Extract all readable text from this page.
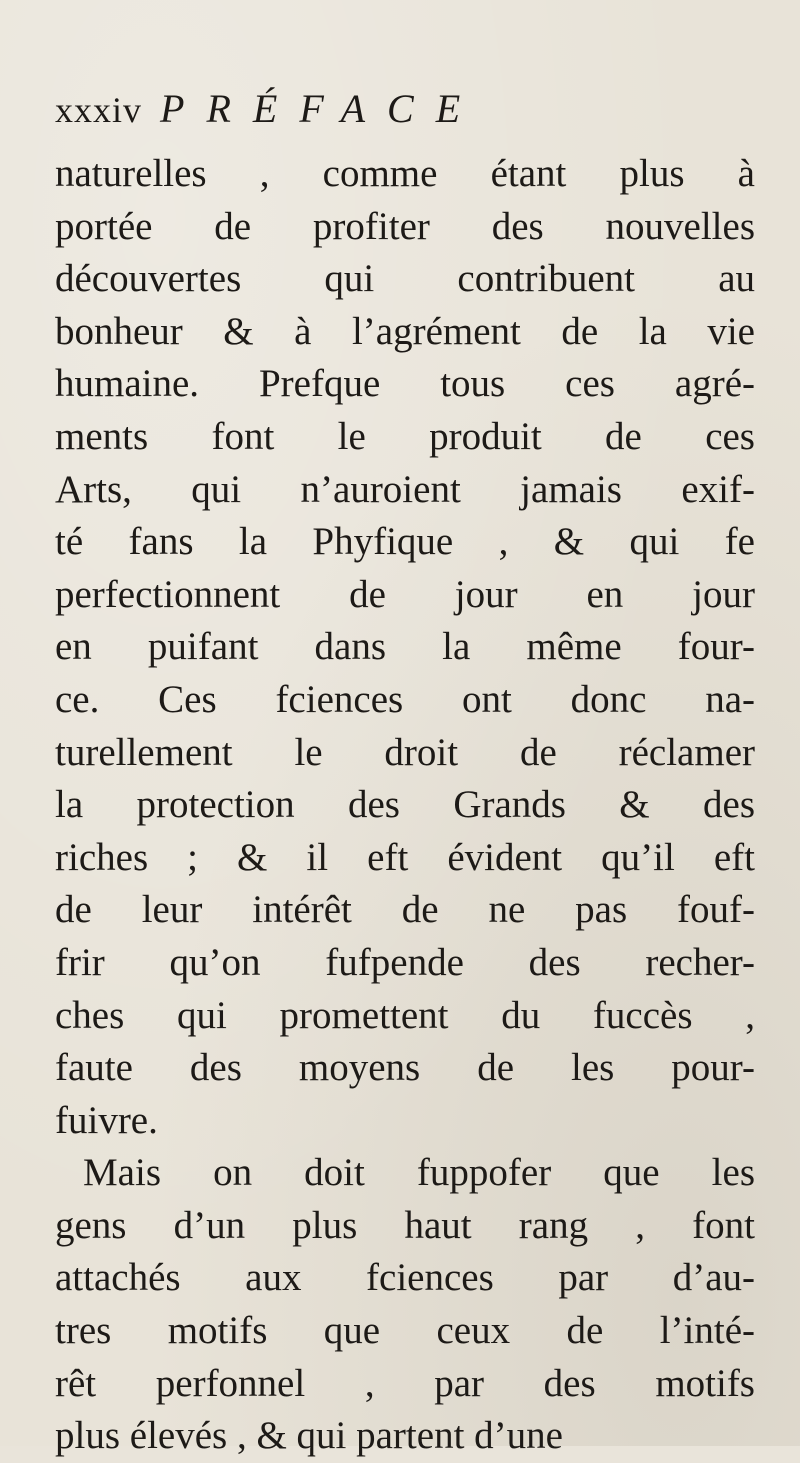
xxxiv PRÉFACE
naturelles , comme étant plus à
portée de profiter des nouvelles
découvertes qui contribuent au
bonheur & à l’agrément de la vie
humaine. Prefque tous ces agré-
ments font le produit de ces
Arts, qui n’auroient jamais exif-
té fans la Phyfique , & qui fe
perfectionnent de jour en jour
en puifant dans la même four-
ce. Ces fciences ont donc na-
turellement le droit de réclamer
la protection des Grands & des
riches ; & il eft évident qu’il eft
de leur intérêt de ne pas fouf-
frir qu’on fufpende des recher-
ches qui promettent du fuccès ,
faute des moyens de les pour-
fuivre.
Mais on doit fuppofer que les
gens d’un plus haut rang , font
attachés aux fciences par d’au-
tres motifs que ceux de l’inté-
rêt perfonnel , par des motifs
plus élevés , & qui partent d’une
